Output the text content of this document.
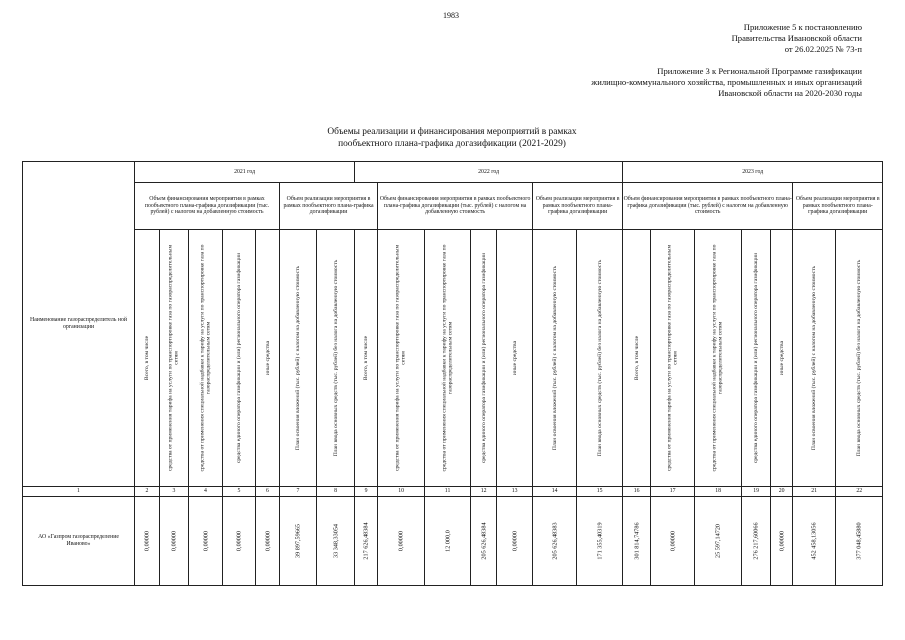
1983
Приложение 5 к постановлению
Правительства Ивановской области
от 26.02.2025 № 73-п
Приложение 3 к Региональной Программе газификации
жилищно-коммунального хозяйства, промышленных и иных организаций
Ивановской области на 2020-2030 годы
Объемы реализации и финансирования мероприятий в рамках
пообъектного плана-графика догазификации (2021-2029)
Наименование газораспределитель ной организации	2021 год							2022 год							2023 год						
	Объем финансирования мероприятия в рамках пообъектного плана-графика догазификации (тыс. рублей) с налогом на добавленную стоимость					Объем реализации мероприятия в рамках пообъектного плана-графика догазификации			Объем финансирования мероприятия в рамках пообъектного плана-графика догазификации (тыс. рублей) с налогом на добавленную стоимость				Объем реализации мероприятия в рамках пообъектного плана-графика догазификации		Объем финансирования мероприятия в рамках пообъектного плана-графика догазификации (тыс. рублей) с налогом на добавленную стоимость					Объем реализации мероприятия в рамках пообъектного плана-графика догазификации	

	Всего, в том числе	средства от применения тарифа на услуги по транспортировке газа по газораспределительным сетям	средства от применения специальной надбавки к тарифу на услуги по транспортировке газа по газораспределительным сетям	средства единого оператора газификации и (или) регионального оператора газификации	иные средства	План освоения вложений (тыс. рублей) с налогом на добавленную стоимость	План ввода основных средств (тыс. рублей) без налога на добавленную стоимость	Всего, в том числе	средства от применения тарифа на услуги по транспортировке газа по газораспределительным сетям	средства от применения специальной надбавки к тарифу на услуги по транспортировке газа по газораспределительным сетям	средства единого оператора газификации и (или) регионального оператора газификации	иные средства	План освоения вложений (тыс. рублей) с налогом на добавленную стоимость	План ввода основных средств (тыс. рублей) без налога на добавленную стоимость	Всего, в том числе	средства от применения тарифа на услуги по транспортировке газа по газораспределительным сетям	средства от применения специальной надбавки к тарифу на услуги по транспортировке газа по газораспределительным сетям	средства единого оператора газификации и (или) регионального оператора газификации	иные средства	План освоения вложений (тыс. рублей) с налогом на добавленную стоимость	План ввода основных средств (тыс. рублей) без налога на добавленную стоимость

1	2	3	4	5	6	7	8	9	10	11	12	13	14	15	16	17	18	19	20	21	22
АО «Газпром газораспределение Иваново»	0,00000	0,00000	0,00000	0,00000	0,00000	39 897,59665	33 348,33054	217 626,48384	0,00000	12 000,0	205 626,48384	0,00000	205 626,48383	171 355,40319	301 814,74786	0,00000	25 597,14720	276 217,60066	0,00000	452 458,13056	377 048,45880
